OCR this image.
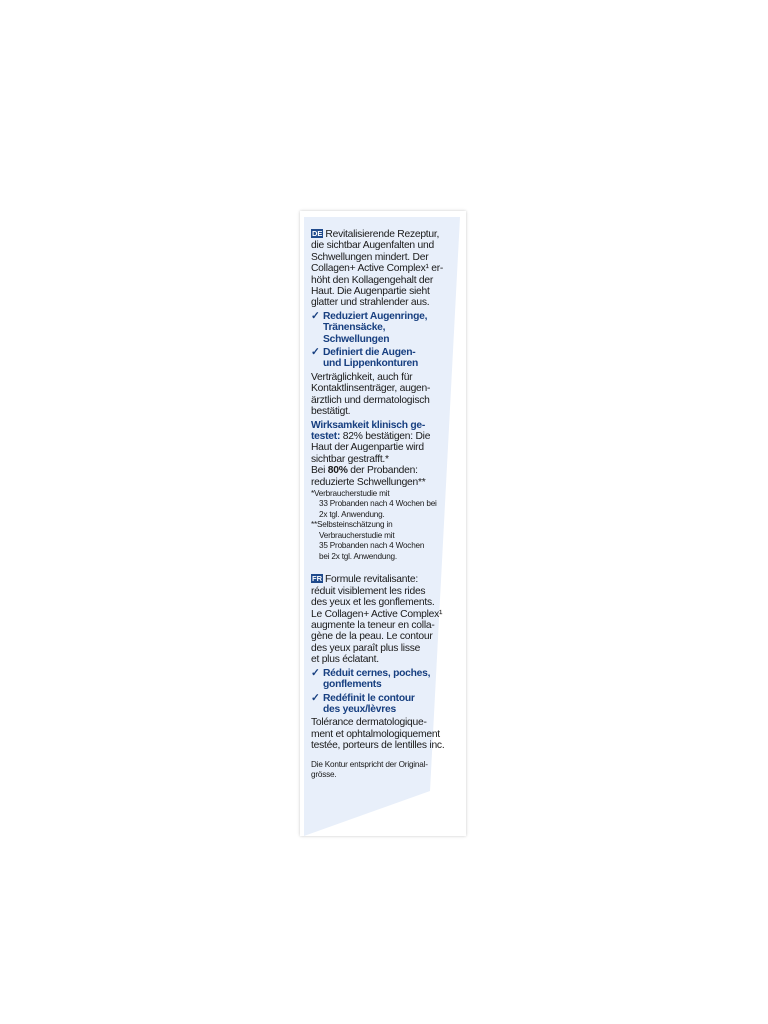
DE Revitalisierende Rezeptur,

die sichtbar Augenfalten und

Schwellungen mindert. Der

Collagen+ Active Complex¹ er-

höht den Kollagengehalt der

Haut. Die Augenpartie sieht

glatter und strahlender aus.

✓ Reduziert Augenringe,

Tränensäcke,

Schwellungen

✓ Definiert die Augen-

und Lippenkonturen

Verträglichkeit, auch für

Kontaktlinsenträger, augen-

ärztlich und dermatologisch

bestätigt.

Wirksamkeit klinisch ge-

testet: 82% bestätigen: Die

Haut der Augenpartie wird

sichtbar gestrafft.*

Bei 80% der Probanden:

reduzierte Schwellungen**

*Verbraucherstudie mit

33 Probanden nach 4 Wochen bei

2x tgl. Anwendung.

**Selbsteinschätzung in

Verbraucherstudie mit

35 Probanden nach 4 Wochen

bei 2x tgl. Anwendung.

FR Formule revitalisante:

réduit visiblement les rides

des yeux et les gonflements.

Le Collagen+ Active Complex¹

augmente la teneur en colla-

gène de la peau. Le contour

des yeux paraît plus lisse

et plus éclatant.

✓ Réduit cernes, poches,

gonflements

✓ Redéfinit le contour

des yeux/lèvres

Tolérance dermatologique-

ment et ophtalmologiquement

testée, porteurs de lentilles inc.

Die Kontur entspricht der Original-

grösse.
